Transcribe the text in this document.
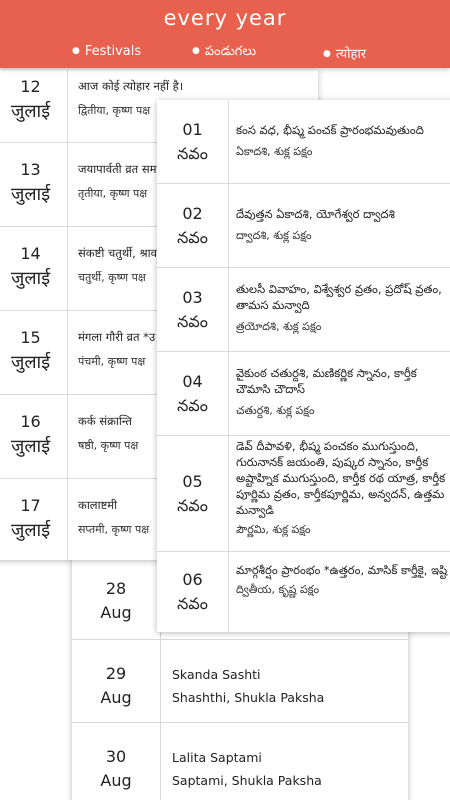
every year
● Festivals	● పండుగలు	● त्योहार
28
Aug
29
Aug
Skanda Sashti
Shashthi, Shukla Paksha
30
Aug
Lalita Saptami
Saptami, Shukla Paksha
12
जुलाई
आज कोई त्योहार नहीं है।
द्वितीया, कृष्ण पक्ष
13
जुलाई
जयापार्वती व्रत सम
तृतीया, कृष्ण पक्ष
14
जुलाई
संकष्टी चतुर्थी, श्राव
चतुर्थी, कृष्ण पक्ष
15
जुलाई
मंगला गौरी व्रत *उ
पंचमी, कृष्ण पक्ष
16
जुलाई
कर्क संक्रान्ति
षष्ठी, कृष्ण पक्ष
17
जुलाई
कालाष्टमी
सप्तमी, कृष्ण पक्ष
01
నవం
కంస వధ, భీష్మ పంచక్ ప్రారంభమవుతుంది
ఏకాదశి, శుక్ల పక్షం
02
నవం
దేవుత్తన ఏకాదశి, యోగేశ్వర ద్వాదశి
ద్వాదశి, శుక్ల పక్షం
03
నవం
తులసీ వివాహం, విశ్వేశ్వర వ్రతం, ప్రదోష్ వ్రతం, తామస మన్వాది
త్రయోదశి, శుక్ల పక్షం
04
నవం
వైకుంఠ చతుర్దశి, మణికర్ణిక స్నానం, కార్తీక చౌమాసి చౌదాస్
చతుర్దశి, శుక్ల పక్షం
05
నవం
డెవ్ దీపావళి, భీష్మ పంచకం ముగుస్తుంది, గురునానక్ జయంతి, పుష్కర స్నానం, కార్తీక అష్టాహ్నిక ముగుస్తుంది, కార్తీక రథ యాత్ర, కార్తీక పూర్ణిమ వ్రతం, కార్తీకపూర్ణిమ, అన్వదన్, ఉత్తమ మన్వాడి
పౌర్ణమి, శుక్ల పక్షం
06
నవం
మార్గశీర్షం ప్రారంభం *ఉత్తరం, మాసిక్ కార్తీకై, ఇష్టి
ద్వితీయ, కృష్ణ పక్షం
